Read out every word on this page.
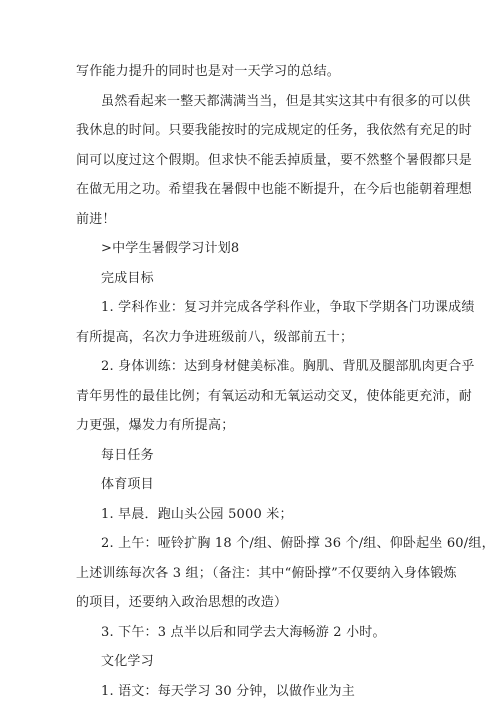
写作能力提升的同时也是对一天学习的总结。
虽然看起来一整天都满满当当，但是其实这其中有很多的可以供
我休息的时间。只要我能按时的完成规定的任务，我依然有充足的时
间可以度过这个假期。但求快不能丢掉质量，要不然整个暑假都只是
在做无用之功。希望我在暑假中也能不断提升，在今后也能朝着理想
前进！
>中学生暑假学习计划8
完成目标
1. 学科作业：复习并完成各学科作业，争取下学期各门功课成绩
有所提高，名次力争进班级前八，级部前五十；
2. 身体训练：达到身材健美标准。胸肌、背肌及腿部肌肉更合乎
青年男性的最佳比例；有氧运动和无氧运动交叉，使体能更充沛，耐
力更强，爆发力有所提高；
每日任务
体育项目
1. 早晨．跑山头公园 5000 米；
2. 上午：哑铃扩胸 18 个/组、俯卧撑 36 个/组、仰卧起坐 60/组，
上述训练每次各 3 组；（备注：其中“俯卧撑”不仅要纳入身体锻炼
的项目，还要纳入政治思想的改造）
3. 下午：3 点半以后和同学去大海畅游 2 小时。
文化学习
1. 语文：每天学习 30 分钟，以做作业为主
